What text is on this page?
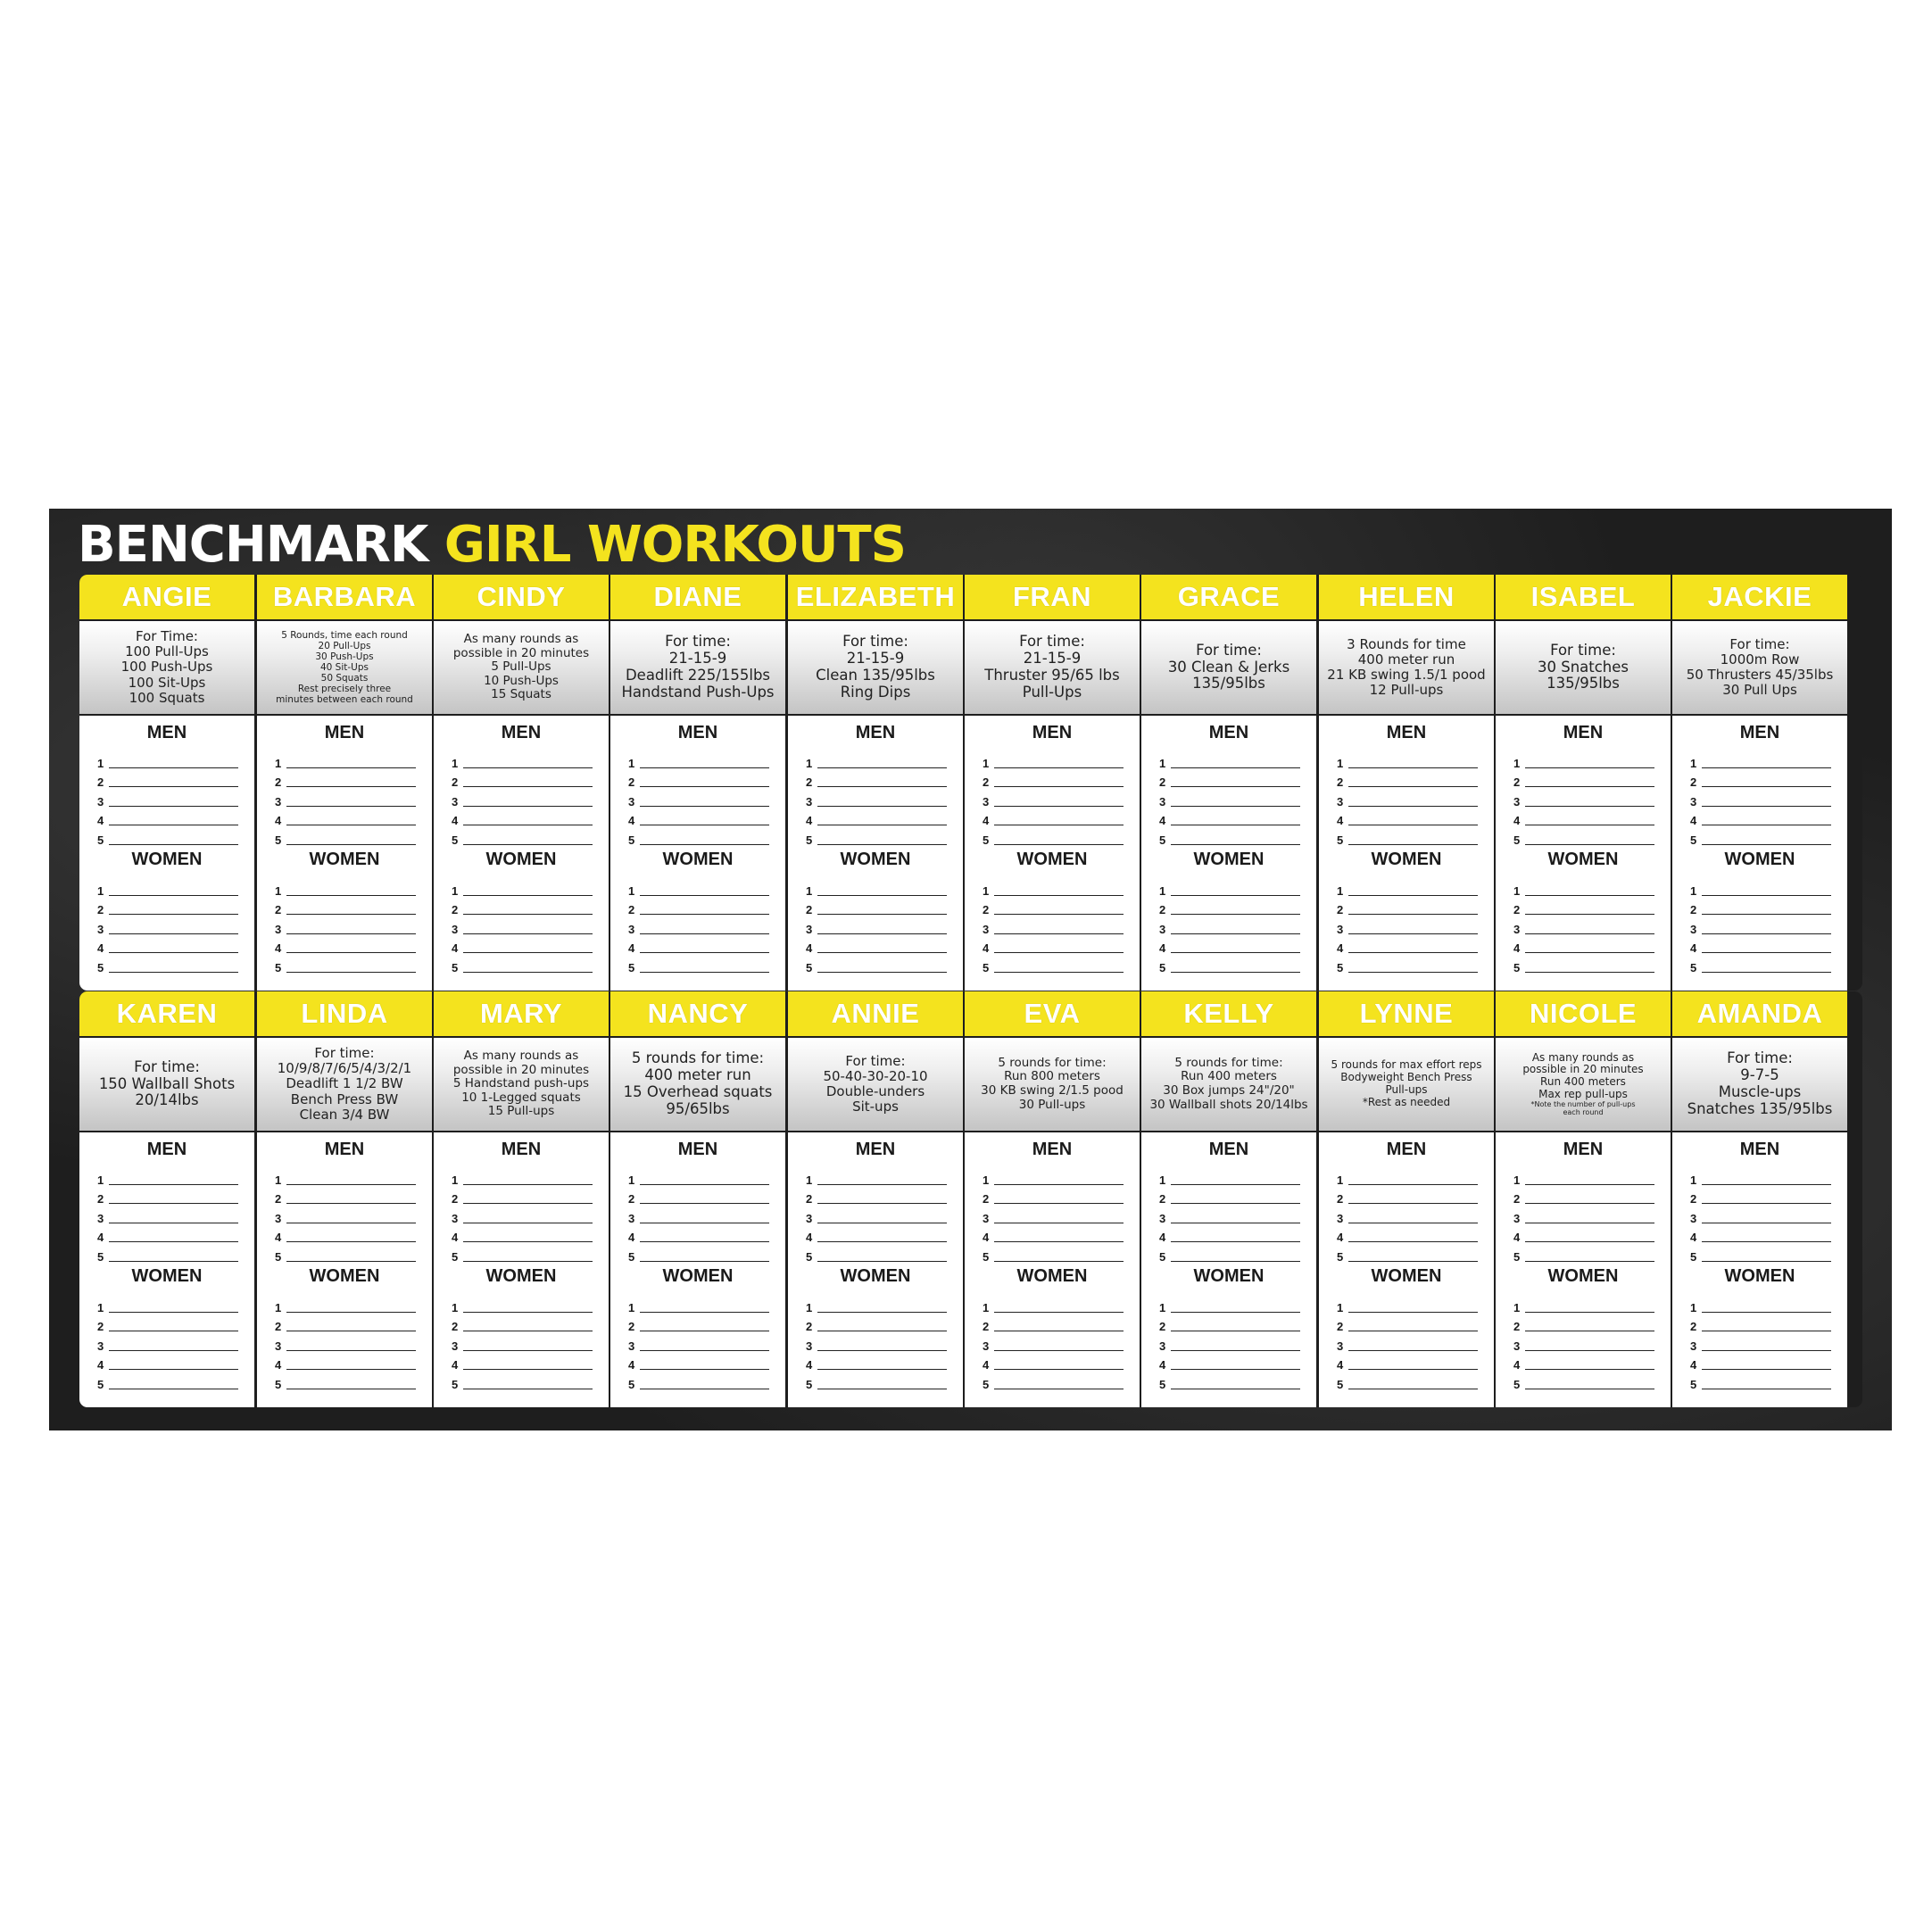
BENCHMARK GIRL WORKOUTS
ANGIE
For Time:
100 Pull-Ups
100 Push-Ups
100 Sit-Ups
100 Squats
MEN
1
2
3
4
5
WOMEN
1
2
3
4
5
BARBARA
5 Rounds, time each round
20 Pull-Ups
30 Push-Ups
40 Sit-Ups
50 Squats
Rest precisely three
minutes between each round
MEN
1
2
3
4
5
WOMEN
1
2
3
4
5
CINDY
As many rounds as
possible in 20 minutes
5 Pull-Ups
10 Push-Ups
15 Squats
MEN
1
2
3
4
5
WOMEN
1
2
3
4
5
DIANE
For time:
21-15-9
Deadlift 225/155lbs
Handstand Push-Ups
MEN
1
2
3
4
5
WOMEN
1
2
3
4
5
ELIZABETH
For time:
21-15-9
Clean 135/95lbs
Ring Dips
MEN
1
2
3
4
5
WOMEN
1
2
3
4
5
FRAN
For time:
21-15-9
Thruster 95/65 lbs
Pull-Ups
MEN
1
2
3
4
5
WOMEN
1
2
3
4
5
GRACE
For time:
30 Clean & Jerks
135/95lbs
MEN
1
2
3
4
5
WOMEN
1
2
3
4
5
HELEN
3 Rounds for time
400 meter run
21 KB swing 1.5/1 pood
12 Pull-ups
MEN
1
2
3
4
5
WOMEN
1
2
3
4
5
ISABEL
For time:
30 Snatches
135/95lbs
MEN
1
2
3
4
5
WOMEN
1
2
3
4
5
JACKIE
For time:
1000m Row
50 Thrusters 45/35lbs
30 Pull Ups
MEN
1
2
3
4
5
WOMEN
1
2
3
4
5
KAREN
For time:
150 Wallball Shots
20/14lbs
MEN
1
2
3
4
5
WOMEN
1
2
3
4
5
LINDA
For time:
10/9/8/7/6/5/4/3/2/1
Deadlift 1 1/2 BW
Bench Press BW
Clean 3/4 BW
MEN
1
2
3
4
5
WOMEN
1
2
3
4
5
MARY
As many rounds as
possible in 20 minutes
5 Handstand push-ups
10 1-Legged squats
15 Pull-ups
MEN
1
2
3
4
5
WOMEN
1
2
3
4
5
NANCY
5 rounds for time:
400 meter run
15 Overhead squats
95/65lbs
MEN
1
2
3
4
5
WOMEN
1
2
3
4
5
ANNIE
For time:
50-40-30-20-10
Double-unders
Sit-ups
MEN
1
2
3
4
5
WOMEN
1
2
3
4
5
EVA
5 rounds for time:
Run 800 meters
30 KB swing 2/1.5 pood
30 Pull-ups
MEN
1
2
3
4
5
WOMEN
1
2
3
4
5
KELLY
5 rounds for time:
Run 400 meters
30 Box jumps 24"/20"
30 Wallball shots 20/14lbs
MEN
1
2
3
4
5
WOMEN
1
2
3
4
5
LYNNE
5 rounds for max effort reps
Bodyweight Bench Press
Pull-ups
*Rest as needed
MEN
1
2
3
4
5
WOMEN
1
2
3
4
5
NICOLE
As many rounds as
possible in 20 minutes
Run 400 meters
Max rep pull-ups
*Note the number of pull-ups
each round
MEN
1
2
3
4
5
WOMEN
1
2
3
4
5
AMANDA
For time:
9-7-5
Muscle-ups
Snatches 135/95lbs
MEN
1
2
3
4
5
WOMEN
1
2
3
4
5
